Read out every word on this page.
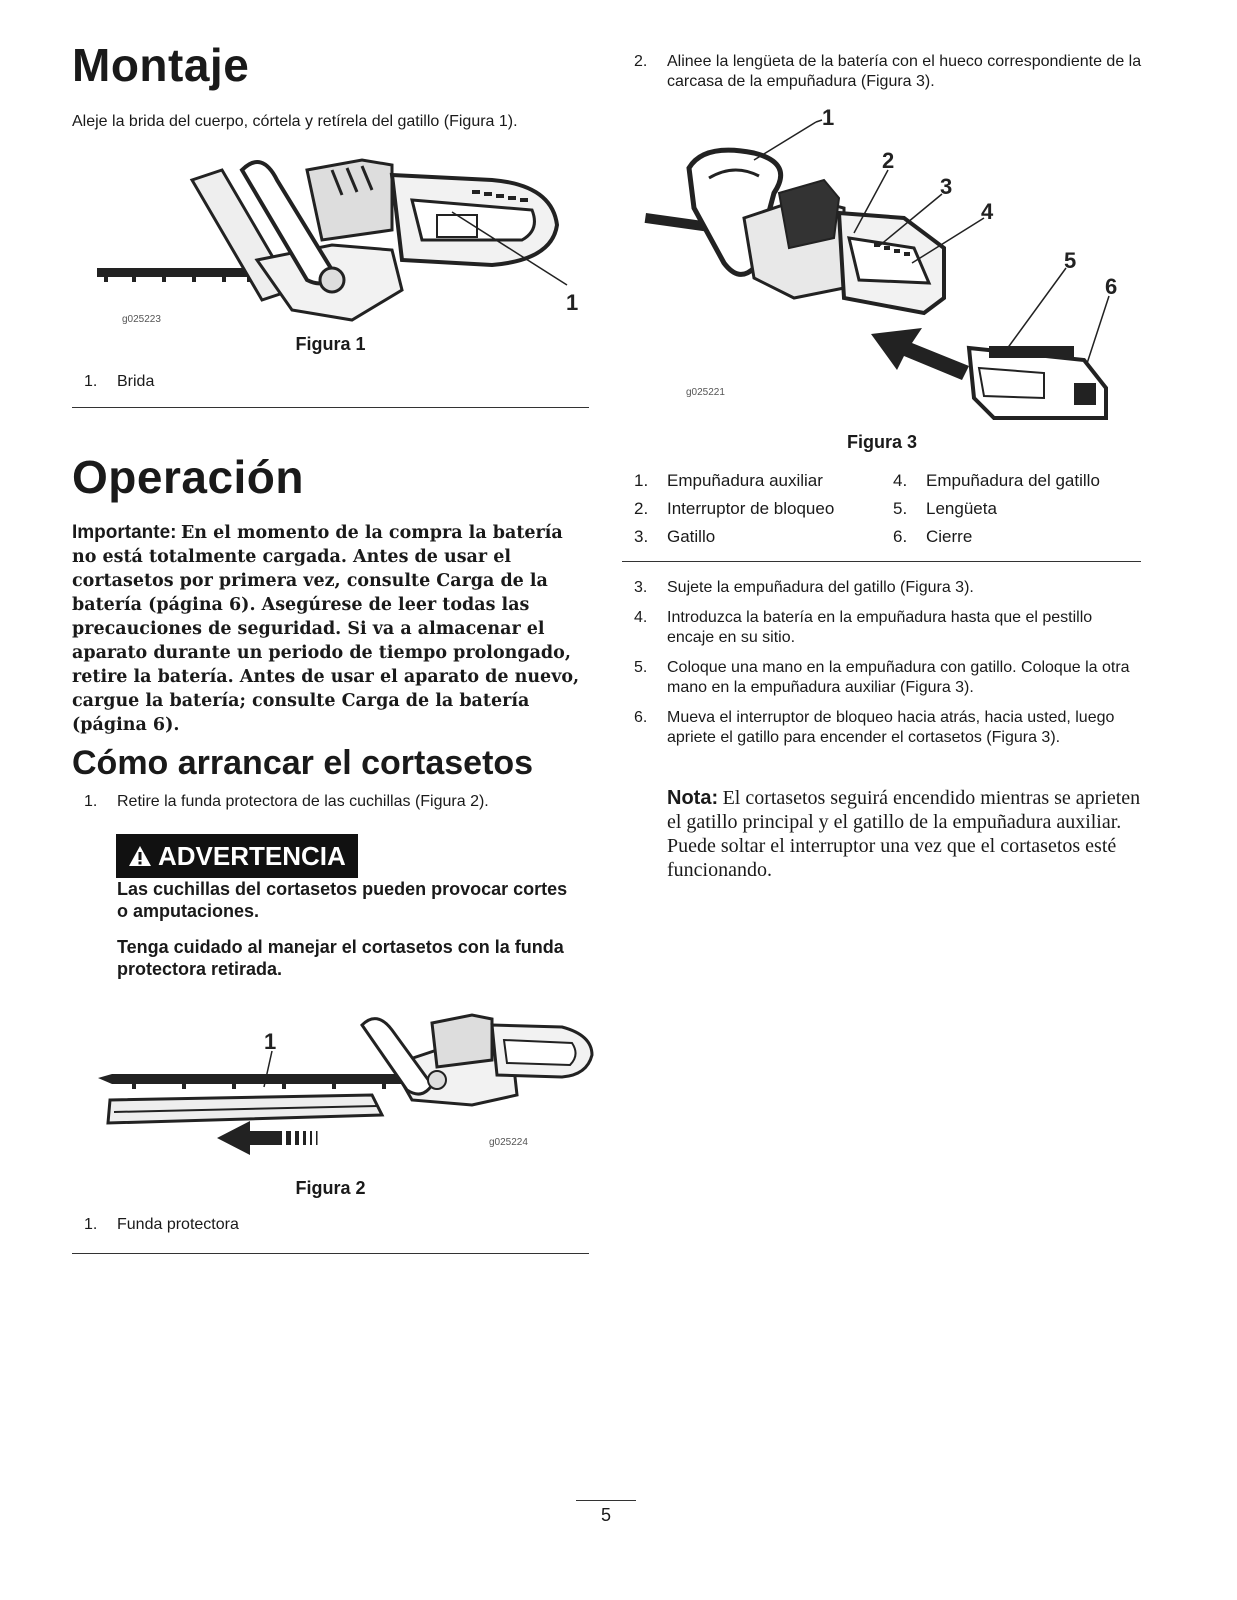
Montaje
Aleje la brida del cuerpo, córtela y retírela del gatillo (Figura 1).
1
g025223
Figura 1
1.	Brida
Operación
Importante: En el momento de la compra la batería no está totalmente cargada. Antes de usar el cortasetos por primera vez, consulte Carga de la batería (página 6). Asegúrese de leer todas las precauciones de seguridad. Si va a almacenar el aparato durante un periodo de tiempo prolongado, retire la batería. Antes de usar el aparato de nuevo, cargue la batería; consulte Carga de la batería (página 6).
Cómo arrancar el cortasetos
1.	Retire la funda protectora de las cuchillas (Figura 2).
ADVERTENCIA
Las cuchillas del cortasetos pueden provocar cortes o amputaciones.
Tenga cuidado al manejar el cortasetos con la funda protectora retirada.
1
g025224
Figura 2
1.	Funda protectora
2.	Alinee la lengüeta de la batería con el hueco correspondiente de la carcasa de la empuñadura (Figura 3).
1
2
3
4
5
6
g025221
Figura 3
1.	Empuñadura auxiliar	4.	Empuñadura del gatillo
2.	Interruptor de bloqueo	5.	Lengüeta
3.	Gatillo	6.	Cierre
3.	Sujete la empuñadura del gatillo (Figura 3).
4.	Introduzca la batería en la empuñadura hasta que el pestillo encaje en su sitio.
5.	Coloque una mano en la empuñadura con gatillo. Coloque la otra mano en la empuñadura auxiliar (Figura 3).
6.	Mueva el interruptor de bloqueo hacia atrás, hacia usted, luego apriete el gatillo para encender el cortasetos (Figura 3).
Nota: El cortasetos seguirá encendido mientras se aprieten el gatillo principal y el gatillo de la empuñadura auxiliar. Puede soltar el interruptor una vez que el cortasetos esté funcionando.
5
